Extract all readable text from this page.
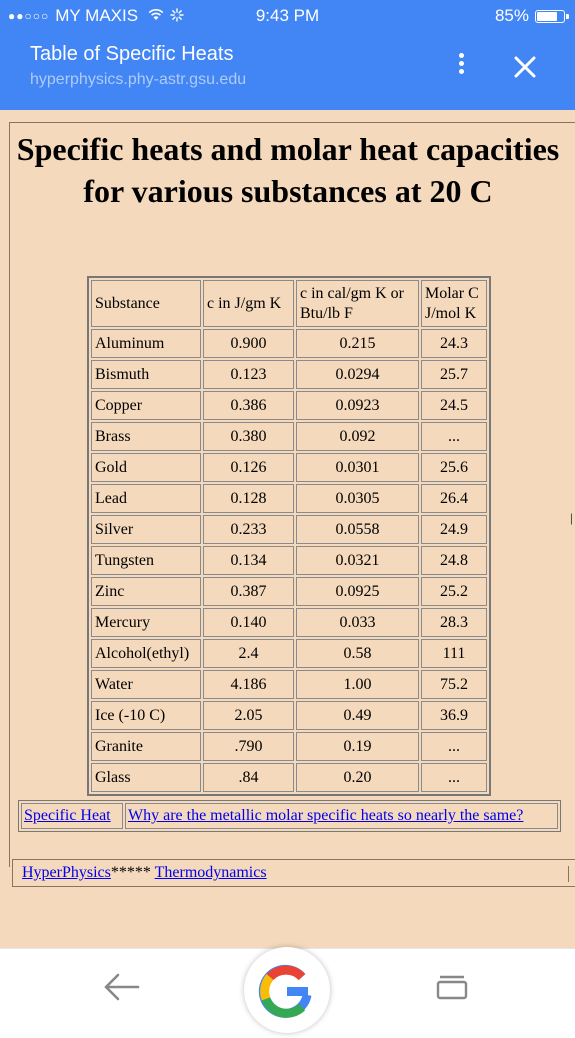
●●○○○ MY MAXIS	9:43 PM	85%
Table of Specific Heats
hyperphysics.phy-astr.gsu.edu
Specific heats and molar heat capacities for various substances at 20 C
|
Substance	c in J/gm K	c in cal/gm K or Btu/lb F	Molar C J/mol K
Aluminum	0.900	0.215	24.3
Bismuth	0.123	0.0294	25.7
Copper	0.386	0.0923	24.5
Brass	0.380	0.092	...
Gold	0.126	0.0301	25.6
Lead	0.128	0.0305	26.4
Silver	0.233	0.0558	24.9
Tungsten	0.134	0.0321	24.8
Zinc	0.387	0.0925	25.2
Mercury	0.140	0.033	28.3
Alcohol(ethyl)	2.4	0.58	111
Water	4.186	1.00	75.2
Ice (-10 C)	2.05	0.49	36.9
Granite	.790	0.19	...
Glass	.84	0.20	...
Specific Heat	Why are the metallic molar specific heats so nearly the same?
HyperPhysics***** Thermodynamics
